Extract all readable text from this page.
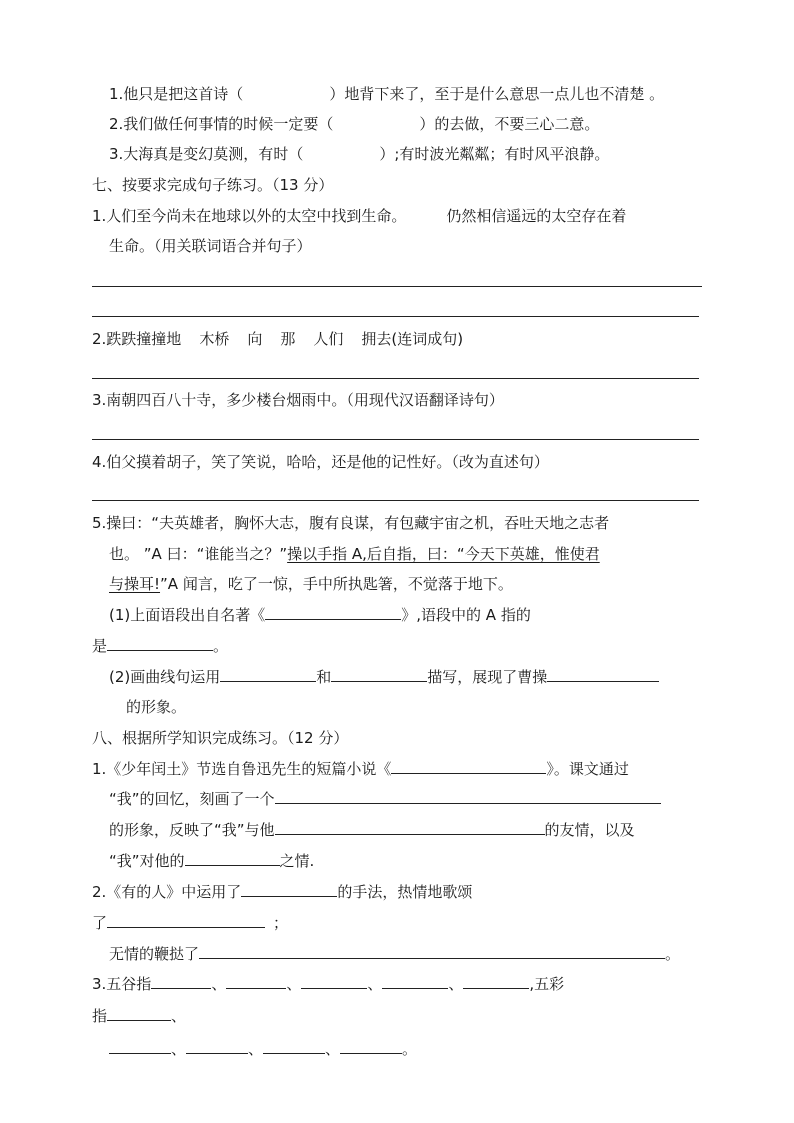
1.他只是把这首诗（	）地背下来了，至于是什么意思一点儿也不清楚 。
2.我们做任何事情的时候一定要（	）的去做，不要三心二意。
3.大海真是变幻莫测，有时（	）;有时波光粼粼；有时风平浪静。
七、按要求完成句子练习。（13 分）
1.人们至今尚未在地球以外的太空中找到生命。	仍然相信遥远的太空存在着
生命。（用关联词语合并句子）
2.跌跌撞撞地 木桥 向 那 人们 拥去(连词成句)
3.南朝四百八十寺，多少楼台烟雨中。（用现代汉语翻译诗句）
4.伯父摸着胡子，笑了笑说，哈哈，还是他的记性好。（改为直述句）
5.操曰：“夫英雄者，胸怀大志，腹有良谋，有包藏宇宙之机，吞吐天地之志者
也。 ”A 曰：“谁能当之？”操以手指 A,后自指，曰：“今天下英雄，惟使君
与操耳!”A 闻言，吃了一惊，手中所执匙箸，不觉落于地下。
(1)上面语段出自名著《	》,语段中的 A 指的
是	。
(2)画曲线句运用	和	描写，展现了曹操
的形象。
八、根据所学知识完成练习。（12 分）
1.《少年闰土》节选自鲁迅先生的短篇小说《	》。课文通过
“我”的回忆，刻画了一个
的形象，反映了“我”与他	的友情，以及
“我”对他的	之情.
2.《有的人》中运用了	的手法，热情地歌颂
了	；
无情的鞭挞了	。
3.五谷指	、	、	、	、	,五彩
指	、
、	、	、	。
